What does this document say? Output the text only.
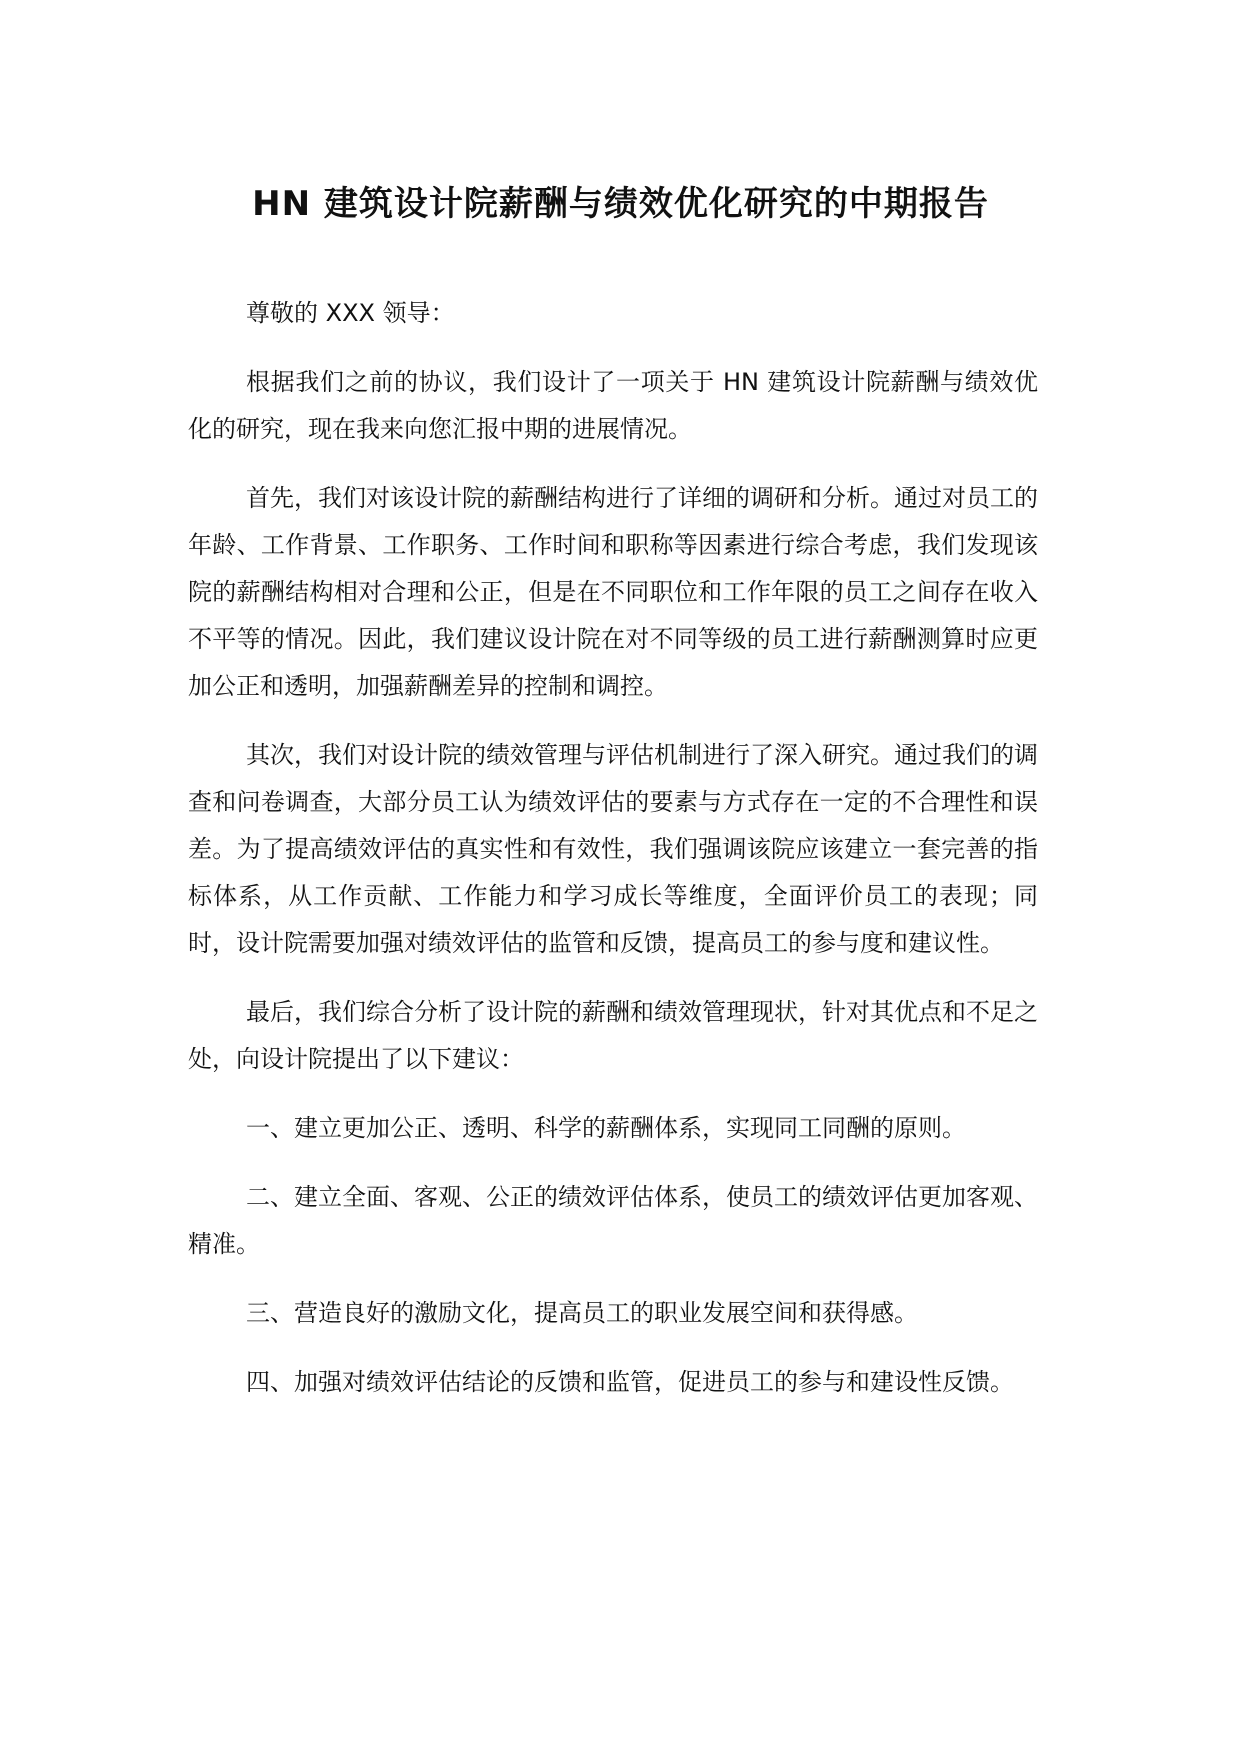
HN 建筑设计院薪酬与绩效优化研究的中期报告

尊敬的 XXX 领导：

根据我们之前的协议，我们设计了一项关于 HN 建筑设计院薪酬与绩效优化的研究，现在我来向您汇报中期的进展情况。

首先，我们对该设计院的薪酬结构进行了详细的调研和分析。通过对员工的年龄、工作背景、工作职务、工作时间和职称等因素进行综合考虑，我们发现该院的薪酬结构相对合理和公正，但是在不同职位和工作年限的员工之间存在收入不平等的情况。因此，我们建议设计院在对不同等级的员工进行薪酬测算时应更加公正和透明，加强薪酬差异的控制和调控。

其次，我们对设计院的绩效管理与评估机制进行了深入研究。通过我们的调查和问卷调查，大部分员工认为绩效评估的要素与方式存在一定的不合理性和误差。为了提高绩效评估的真实性和有效性，我们强调该院应该建立一套完善的指标体系，从工作贡献、工作能力和学习成长等维度，全面评价员工的表现；同时，设计院需要加强对绩效评估的监管和反馈，提高员工的参与度和建议性。

最后，我们综合分析了设计院的薪酬和绩效管理现状，针对其优点和不足之处，向设计院提出了以下建议：

一、建立更加公正、透明、科学的薪酬体系，实现同工同酬的原则。

二、建立全面、客观、公正的绩效评估体系，使员工的绩效评估更加客观、精准。

三、营造良好的激励文化，提高员工的职业发展空间和获得感。

四、加强对绩效评估结论的反馈和监管，促进员工的参与和建设性反馈。
